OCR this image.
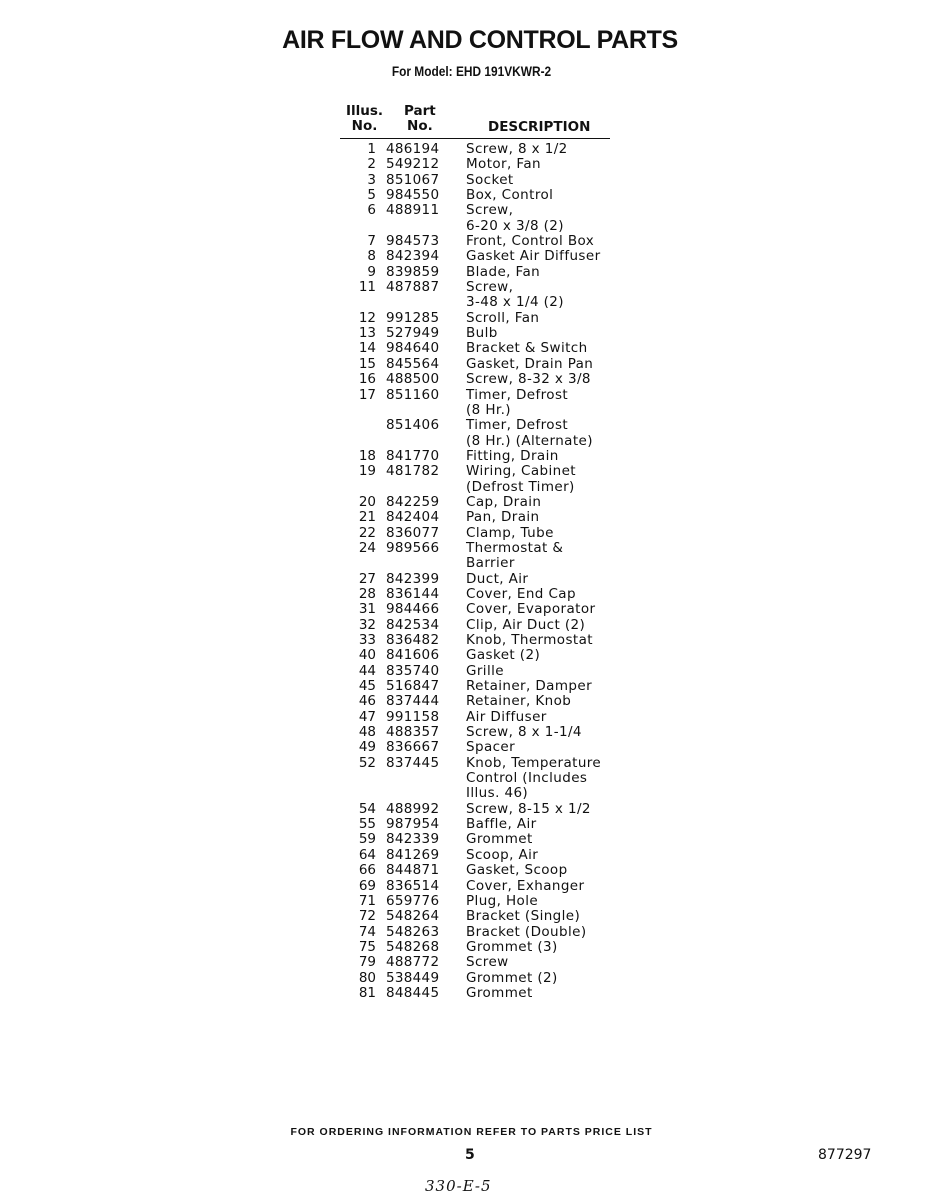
AIR FLOW AND CONTROL PARTS
For Model: EHD 191VKWR-2
Illus.
No.
Part
No.	DESCRIPTION
1 486194	Screw, 8 x 1/2
2 549212	Motor, Fan
3 851067	Socket
5 984550	Box, Control
6 488911	Screw,
6-20 x 3/8 (2)
7 984573	Front, Control Box
8 842394	Gasket Air Diffuser
9 839859	Blade, Fan
11 487887	Screw,
3-48 x 1/4 (2)
12 991285	Scroll, Fan
13 527949	Bulb
14 984640	Bracket & Switch
15 845564	Gasket, Drain Pan
16 488500	Screw, 8-32 x 3/8
17 851160	Timer, Defrost
(8 Hr.)
851406	Timer, Defrost
(8 Hr.) (Alternate)
18 841770	Fitting, Drain
19 481782	Wiring, Cabinet
(Defrost Timer)
20 842259	Cap, Drain
21 842404	Pan, Drain
22 836077	Clamp, Tube
24 989566	Thermostat &
Barrier
27 842399	Duct, Air
28 836144	Cover, End Cap
31 984466	Cover, Evaporator
32 842534	Clip, Air Duct (2)
33 836482	Knob, Thermostat
40 841606	Gasket (2)
44 835740	Grille
45 516847	Retainer, Damper
46 837444	Retainer, Knob
47 991158	Air Diffuser
48 488357	Screw, 8 x 1-1/4
49 836667	Spacer
52 837445	Knob, Temperature
Control (Includes
Illus. 46)
54 488992	Screw, 8-15 x 1/2
55 987954	Baffle, Air
59 842339	Grommet
64 841269	Scoop, Air
66 844871	Gasket, Scoop
69 836514	Cover, Exhanger
71 659776	Plug, Hole
72 548264	Bracket (Single)
74 548263	Bracket (Double)
75 548268	Grommet (3)
79 488772	Screw
80 538449	Grommet (2)
81 848445	Grommet
FOR ORDERING INFORMATION REFER TO PARTS PRICE LIST
5	877297
330-E-5
